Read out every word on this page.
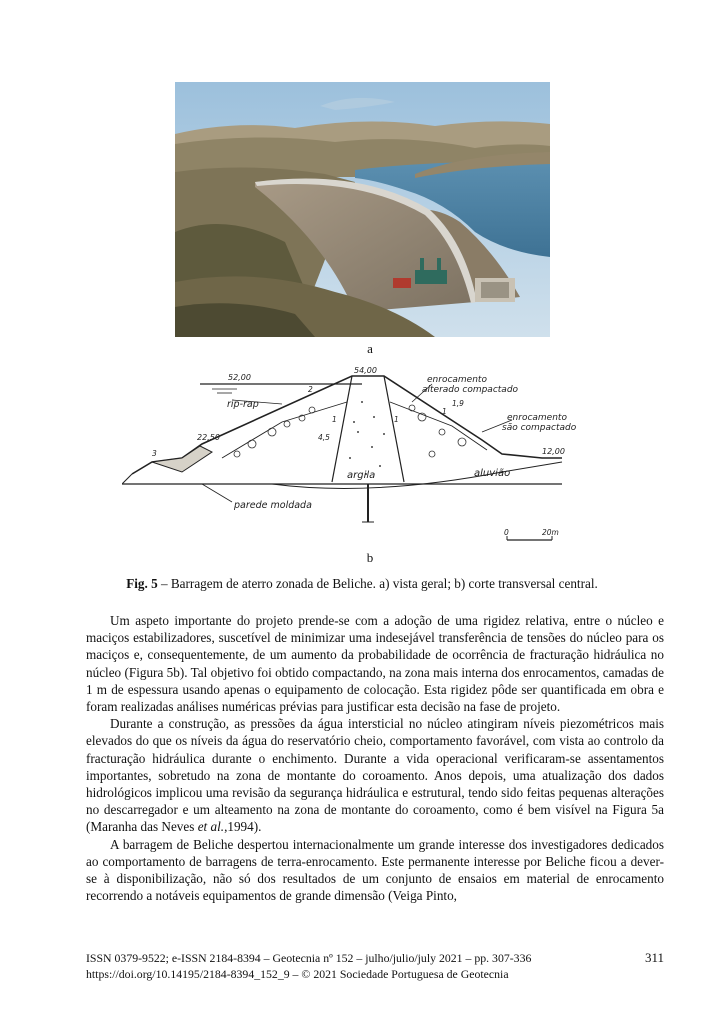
a
52,00
54,00
22,50
12,00
rip-rap
enrocamento
alterado compactado
enrocamento
são compactado
argila	aluvião
parede moldada
4,5
1,9
1	1
1
2
3
0	20m
b
Fig. 5 – Barragem de aterro zonada de Beliche. a) vista geral; b) corte transversal central.

Um aspeto importante do projeto prende-se com a adoção de uma rigidez relativa, entre o núcleo e maciços estabilizadores, suscetível de minimizar uma indesejável transferência de tensões do núcleo para os maciços e, consequentemente, de um aumento da probabilidade de ocorrência de fracturação hidráulica no núcleo (Figura 5b). Tal objetivo foi obtido compactando, na zona mais interna dos enrocamentos, camadas de 1 m de espessura usando apenas o equipamento de colocação. Esta rigidez pôde ser quantificada em obra e foram realizadas análises numéricas prévias para justificar esta decisão na fase de projeto.

Durante a construção, as pressões da água intersticial no núcleo atingiram níveis piezométricos mais elevados do que os níveis da água do reservatório cheio, comportamento favorável, com vista ao controlo da fracturação hidráulica durante o enchimento. Durante a vida operacional verificaram-se assentamentos importantes, sobretudo na zona de montante do coroamento. Anos depois, uma atualização dos dados hidrológicos implicou uma revisão da segurança hidráulica e estrutural, tendo sido feitas pequenas alterações no descarregador e um alteamento na zona de montante do coroamento, como é bem visível na Figura 5a (Maranha das Neves et al.,1994).

A barragem de Beliche despertou internacionalmente um grande interesse dos investigadores dedicados ao comportamento de barragens de terra-enrocamento. Este permanente interesse por Beliche ficou a dever-se à disponibilização, não só dos resultados de um conjunto de ensaios em material de enrocamento recorrendo a notáveis equipamentos de grande dimensão (Veiga Pinto,

ISSN 0379-9522; e-ISSN 2184-8394 – Geotecnia nº 152 – julho/julio/july 2021 – pp. 307-336
https://doi.org/10.14195/2184-8394_152_9 – © 2021 Sociedade Portuguesa de Geotecnia
311
